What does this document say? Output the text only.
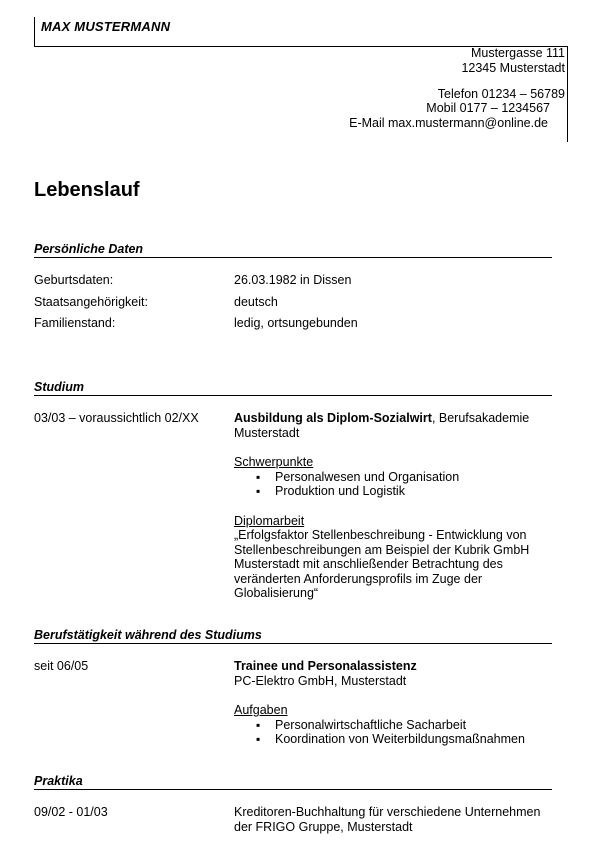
MAX MUSTERMANN
Mustergasse 111
12345 Musterstadt
Telefon 01234 – 56789
Mobil 0177 – 1234567
E-Mail max.mustermann@online.de
Lebenslauf
Persönliche Daten
Geburtsdaten:	26.03.1982 in Dissen
Staatsangehörigkeit:	deutsch
Familienstand:	ledig, ortsungebunden
Studium
03/03 – voraussichtlich 02/XX	Ausbildung als Diplom-Sozialwirt, Berufsakademie Musterstadt
Schwerpunkte
▪ Personalwesen und Organisation
▪ Produktion und Logistik
Diplomarbeit
„Erfolgsfaktor Stellenbeschreibung - Entwicklung von Stellenbeschreibungen am Beispiel der Kubrik GmbH Musterstadt mit anschließender Betrachtung des veränderten Anforderungsprofils im Zuge der Globalisierung“
Berufstätigkeit während des Studiums
seit 06/05	Trainee und Personalassistenz
PC-Elektro GmbH, Musterstadt
Aufgaben
▪ Personalwirtschaftliche Sacharbeit
▪ Koordination von Weiterbildungsmaßnahmen
Praktika
09/02 - 01/03	Kreditoren-Buchhaltung für verschiedene Unternehmen der FRIGO Gruppe, Musterstadt
